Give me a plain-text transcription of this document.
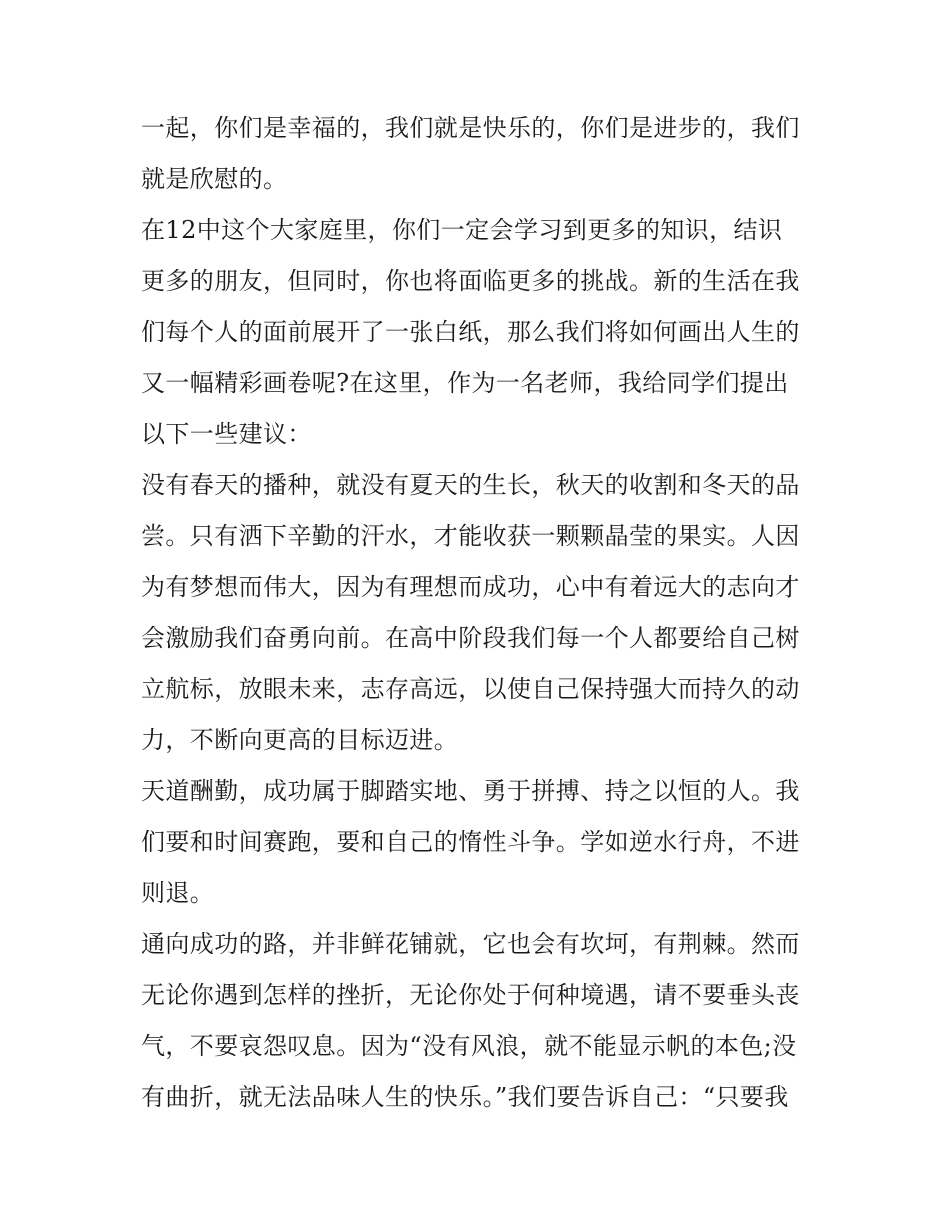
一起，你们是幸福的，我们就是快乐的，你们是进步的，我们
就是欣慰的。
在12中这个大家庭里，你们一定会学习到更多的知识，结识
更多的朋友，但同时，你也将面临更多的挑战。新的生活在我
们每个人的面前展开了一张白纸，那么我们将如何画出人生的
又一幅精彩画卷呢?在这里，作为一名老师，我给同学们提出
以下一些建议：
没有春天的播种，就没有夏天的生长，秋天的收割和冬天的品
尝。只有洒下辛勤的汗水，才能收获一颗颗晶莹的果实。人因
为有梦想而伟大，因为有理想而成功，心中有着远大的志向才
会激励我们奋勇向前。在高中阶段我们每一个人都要给自己树
立航标，放眼未来，志存高远，以使自己保持强大而持久的动
力，不断向更高的目标迈进。
天道酬勤，成功属于脚踏实地、勇于拼搏、持之以恒的人。我
们要和时间赛跑，要和自己的惰性斗争。学如逆水行舟，不进
则退。
通向成功的路，并非鲜花铺就，它也会有坎坷，有荆棘。然而
无论你遇到怎样的挫折，无论你处于何种境遇，请不要垂头丧
气，不要哀怨叹息。因为“没有风浪，就不能显示帆的本色;没
有曲折，就无法品味人生的快乐。”我们要告诉自己：“只要我
